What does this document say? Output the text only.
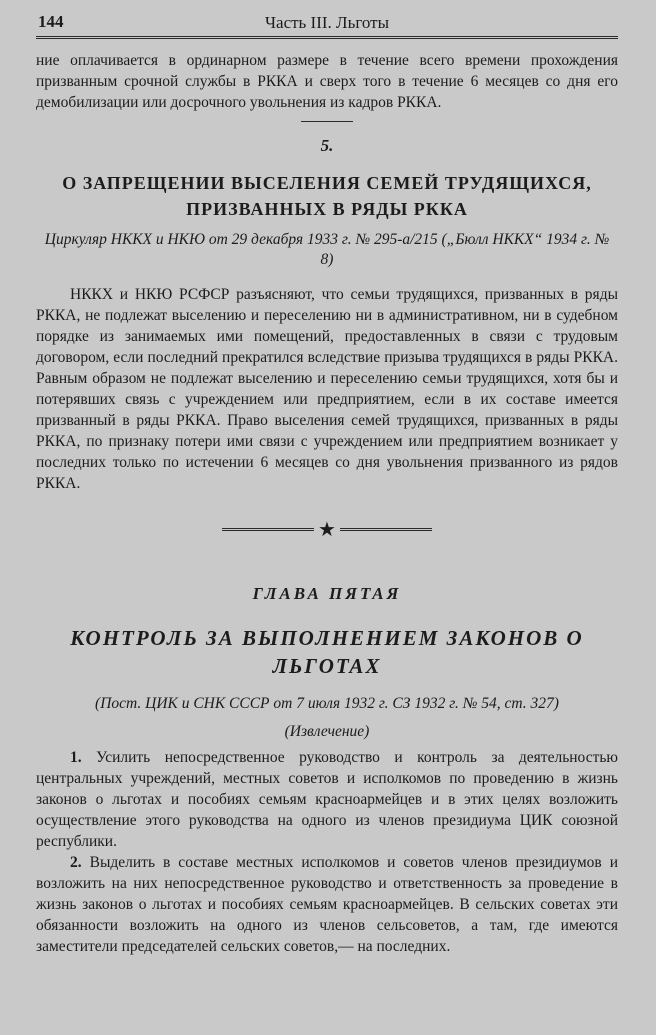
144	Часть III. Льготы

ние оплачивается в ординарном размере в течение всего времени прохождения призванным срочной службы в РККА и сверх того в течение 6 месяцев со дня его демобилизации или досрочного увольнения из кадров РККА.

5.
О ЗАПРЕЩЕНИИ ВЫСЕЛЕНИЯ СЕМЕЙ ТРУДЯЩИХСЯ, ПРИЗВАННЫХ В РЯДЫ РККА
Циркуляр НККХ и НКЮ от 29 декабря 1933 г. № 295-а/215 („Бюлл НККХ“ 1934 г. № 8)

НККХ и НКЮ РСФСР разъясняют, что семьи трудящихся, призванных в ряды РККА, не подлежат выселению и переселению ни в административном, ни в судебном порядке из занимаемых ими помещений, предоставленных в связи с трудовым договором, если последний прекратился вследствие призыва трудящихся в ряды РККА. Равным образом не подлежат выселению и переселению семьи трудящихся, хотя бы и потерявших связь с учреждением или предприятием, если в их составе имеется призванный в ряды РККА. Право выселения семей трудящихся, призванных в ряды РККА, по признаку потери ими связи с учреждением или предприятием возникает у последних только по истечении 6 месяцев со дня увольнения призванного из рядов РККА.

★
ГЛАВА ПЯТАЯ
КОНТРОЛЬ ЗА ВЫПОЛНЕНИЕМ ЗАКОНОВ О ЛЬГОТАХ
(Пост. ЦИК и СНК СССР от 7 июля 1932 г. СЗ 1932 г. № 54, ст. 327)
(Извлечение)

1. Усилить непосредственное руководство и контроль за деятельностью центральных учреждений, местных советов и исполкомов по проведению в жизнь законов о льготах и пособиях семьям красноармейцев и в этих целях возложить осуществление этого руководства на одного из членов президиума ЦИК союзной республики.

2. Выделить в составе местных исполкомов и советов членов президиумов и возложить на них непосредственное руководство и ответственность за проведение в жизнь законов о льготах и пособиях семьям красноармейцев. В сельских советах эти обязанности возложить на одного из членов сельсоветов, а там, где имеются заместители председателей сельских советов,— на последних.
